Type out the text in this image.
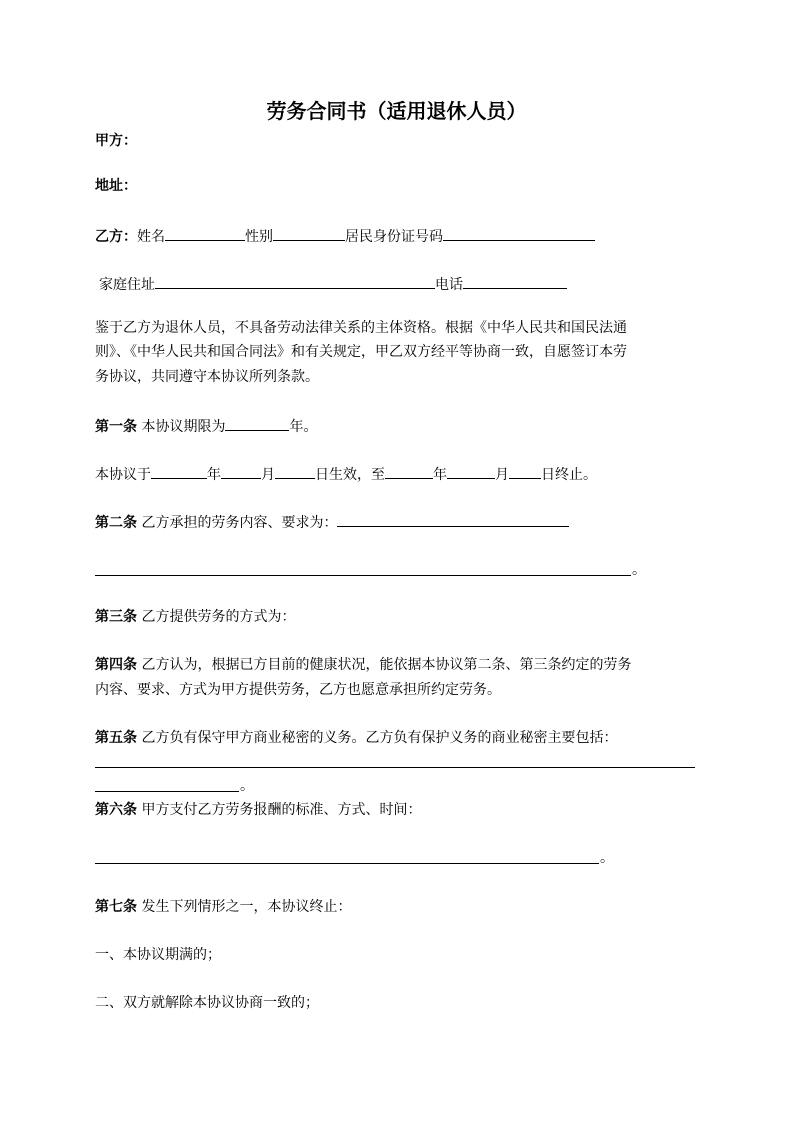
劳务合同书（适用退休人员）
甲方：
地址：
乙方：姓名	性别	居民身份证号码
家庭住址	电话
鉴于乙方为退休人员，不具备劳动法律关系的主体资格。根据《中华人民共和国民法通
则》、《中华人民共和国合同法》和有关规定，甲乙双方经平等协商一致，自愿签订本劳
务协议，共同遵守本协议所列条款。
第一条 本协议期限为	年。
本协议于	年	月	日生效，至	年	月 日终止。
第二条 乙方承担的劳务内容、要求为：
。
第三条 乙方提供劳务的方式为：
第四条 乙方认为，根据已方目前的健康状况，能依据本协议第二条、第三条约定的劳务
内容、要求、方式为甲方提供劳务，乙方也愿意承担所约定劳务。
第五条 乙方负有保守甲方商业秘密的义务。乙方负有保护义务的商业秘密主要包括：
。
第六条 甲方支付乙方劳务报酬的标准、方式、时间：
。
第七条 发生下列情形之一，本协议终止：
一、本协议期满的；
二、双方就解除本协议协商一致的；
